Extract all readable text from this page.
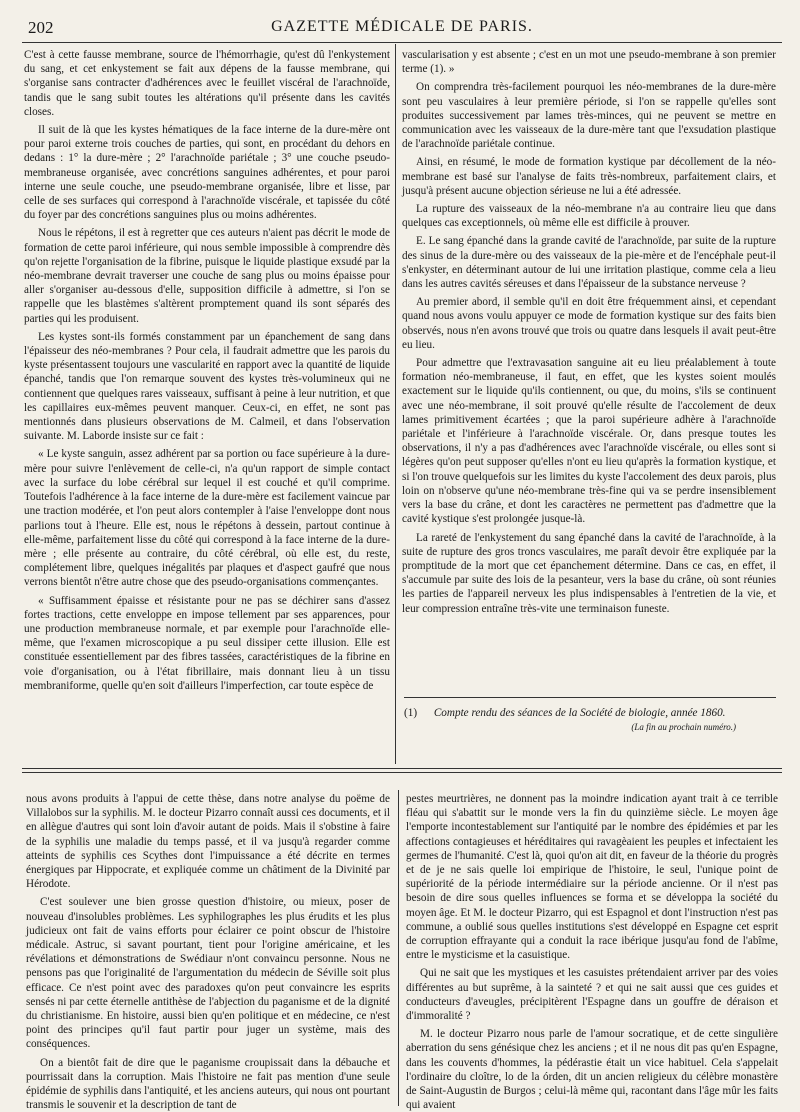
202	GAZETTE MÉDICALE DE PARIS.

C'est à cette fausse membrane, source de l'hémorrhagie, qu'est dû l'enkystement du sang, et cet enkystement se fait aux dépens de la fausse membrane, qui s'organise sans contracter d'adhérences avec le feuillet viscéral de l'arachnoïde, tandis que le sang subit toutes les altérations qu'il présente dans les cavités closes.

Il suit de là que les kystes hématiques de la face interne de la dure-mère ont pour paroi externe trois couches de parties, qui sont, en procédant du dehors en dedans : 1° la dure-mère ; 2° l'arachnoïde pariétale ; 3° une couche pseudo-membraneuse organisée, avec concrétions sanguines adhérentes, et pour paroi interne une seule couche, une pseudo-membrane organisée, libre et lisse, par celle de ses surfaces qui correspond à l'arachnoïde viscérale, et tapissée du côté du foyer par des concrétions sanguines plus ou moins adhérentes.

Nous le répétons, il est à regretter que ces auteurs n'aient pas décrit le mode de formation de cette paroi inférieure, qui nous semble impossible à comprendre dès qu'on rejette l'organisation de la fibrine, puisque le liquide plastique exsudé par la néo-membrane devrait traverser une couche de sang plus ou moins épaisse pour aller s'organiser au-dessous d'elle, supposition difficile à admettre, si l'on se rappelle que les blastèmes s'altèrent promptement quand ils sont séparés des parties qui les produisent.

Les kystes sont-ils formés constamment par un épanchement de sang dans l'épaisseur des néo-membranes ? Pour cela, il faudrait admettre que les parois du kyste présentassent toujours une vascularité en rapport avec la quantité de liquide épanché, tandis que l'on remarque souvent des kystes très-volumineux qui ne contiennent que quelques rares vaisseaux, suffisant à peine à leur nutrition, et que les capillaires eux-mêmes peuvent manquer. Ceux-ci, en effet, ne sont pas mentionnés dans plusieurs observations de M. Calmeil, et dans l'observation suivante. M. Laborde insiste sur ce fait :

« Le kyste sanguin, assez adhérent par sa portion ou face supérieure à la dure-mère pour suivre l'enlèvement de celle-ci, n'a qu'un rapport de simple contact avec la surface du lobe cérébral sur lequel il est couché et qu'il comprime. Toutefois l'adhérence à la face interne de la dure-mère est facilement vaincue par une traction modérée, et l'on peut alors contempler à l'aise l'enveloppe dont nous parlions tout à l'heure. Elle est, nous le répétons à dessein, partout continue à elle-même, parfaitement lisse du côté qui correspond à la face interne de la dure-mère ; elle présente au contraire, du côté cérébral, où elle est, du reste, complétement libre, quelques inégalités par plaques et d'aspect gaufré que nous verrons bientôt n'être autre chose que des pseudo-organisations commençantes.

« Suffisamment épaisse et résistante pour ne pas se déchirer sans d'assez fortes tractions, cette enveloppe en impose tellement par ses apparences, pour une production membraneuse normale, et par exemple pour l'arachnoïde elle-même, que l'examen microscopique a pu seul dissiper cette illusion. Elle est constituée essentiellement par des fibres tassées, caractéristiques de la fibrine en voie d'organisation, ou à l'état fibrillaire, mais donnant lieu à un tissu membraniforme, quelle qu'en soit d'ailleurs l'imperfection, car toute espèce de

vascularisation y est absente ; c'est en un mot une pseudo-membrane à son premier terme (1). »

On comprendra très-facilement pourquoi les néo-membranes de la dure-mère sont peu vasculaires à leur première période, si l'on se rappelle qu'elles sont produites successivement par lames très-minces, qui ne peuvent se mettre en communication avec les vaisseaux de la dure-mère tant que l'exsudation plastique de l'arachnoïde pariétale continue.

Ainsi, en résumé, le mode de formation kystique par décollement de la néo-membrane est basé sur l'analyse de faits très-nombreux, parfaitement clairs, et jusqu'à présent aucune objection sérieuse ne lui a été adressée.

La rupture des vaisseaux de la néo-membrane n'a au contraire lieu que dans quelques cas exceptionnels, où même elle est difficile à prouver.

E. Le sang épanché dans la grande cavité de l'arachnoïde, par suite de la rupture des sinus de la dure-mère ou des vaisseaux de la pie-mère et de l'encéphale peut-il s'enkyster, en déterminant autour de lui une irritation plastique, comme cela a lieu dans les autres cavités séreuses et dans l'épaisseur de la substance nerveuse ?

Au premier abord, il semble qu'il en doit être fréquemment ainsi, et cependant quand nous avons voulu appuyer ce mode de formation kystique sur des faits bien observés, nous n'en avons trouvé que trois ou quatre dans lesquels il avait peut-être eu lieu.

Pour admettre que l'extravasation sanguine ait eu lieu préalablement à toute formation néo-membraneuse, il faut, en effet, que les kystes soient moulés exactement sur le liquide qu'ils contiennent, ou que, du moins, s'ils se continuent avec une néo-membrane, il soit prouvé qu'elle résulte de l'accolement de deux lames primitivement écartées ; que la paroi supérieure adhère à l'arachnoïde pariétale et l'inférieure à l'arachnoïde viscérale. Or, dans presque toutes les observations, il n'y a pas d'adhérences avec l'arachnoïde viscérale, ou elles sont si légères qu'on peut supposer qu'elles n'ont eu lieu qu'après la formation kystique, et si l'on trouve quelquefois sur les limites du kyste l'accolement des deux parois, plus loin on n'observe qu'une néo-membrane très-fine qui va se perdre insensiblement vers la base du crâne, et dont les caractères ne permettent pas d'admettre que la cavité kystique s'est prolongée jusque-là.

La rareté de l'enkystement du sang épanché dans la cavité de l'arachnoïde, à la suite de rupture des gros troncs vasculaires, me paraît devoir être expliquée par la promptitude de la mort que cet épanchement détermine. Dans ce cas, en effet, il s'accumule par suite des lois de la pesanteur, vers la base du crâne, où sont réunies les parties de l'appareil nerveux les plus indispensables à l'entretien de la vie, et leur compression entraîne très-vite une terminaison funeste.

(1) Compte rendu des séances de la Société de biologie, année 1860.
(La fin au prochain numéro.)

nous avons produits à l'appui de cette thèse, dans notre analyse du poëme de Villalobos sur la syphilis. M. le docteur Pizarro connaît aussi ces documents, et il en allègue d'autres qui sont loin d'avoir autant de poids. Mais il s'obstine à faire de la syphilis une maladie du temps passé, et il va jusqu'à regarder comme atteints de syphilis ces Scythes dont l'impuissance a été décrite en termes énergiques par Hippocrate, et expliquée comme un châtiment de la Divinité par Hérodote.

C'est soulever une bien grosse question d'histoire, ou mieux, poser de nouveau d'insolubles problèmes. Les syphilographes les plus érudits et les plus judicieux ont fait de vains efforts pour éclairer ce point obscur de l'histoire médicale. Astruc, si savant pourtant, tient pour l'origine américaine, et les révélations et démonstrations de Swédiaur n'ont convaincu personne. Nous ne pensons pas que l'originalité de l'argumentation du médecin de Séville soit plus efficace. Ce n'est point avec des paradoxes qu'on peut convaincre les esprits sensés ni par cette éternelle antithèse de l'abjection du paganisme et de la dignité du christianisme. En histoire, aussi bien qu'en politique et en médecine, ce n'est point des principes qu'il faut partir pour juger un système, mais des conséquences.

On a bientôt fait de dire que le paganisme croupissait dans la débauche et pourrissait dans la corruption. Mais l'histoire ne fait pas mention d'une seule épidémie de syphilis dans l'antiquité, et les anciens auteurs, qui nous ont pourtant transmis le souvenir et la description de tant de

pestes meurtrières, ne donnent pas la moindre indication ayant trait à ce terrible fléau qui s'abattit sur le monde vers la fin du quinzième siècle. Le moyen âge l'emporte incontestablement sur l'antiquité par le nombre des épidémies et par les affections contagieuses et héréditaires qui ravagèaient les peuples et infectaient les germes de l'humanité. C'est là, quoi qu'on ait dit, en faveur de la théorie du progrès et de je ne sais quelle loi empirique de l'histoire, le seul, l'unique point de supériorité de la période intermédiaire sur la période ancienne. Or il n'est pas besoin de dire sous quelles influences se forma et se développa la société du moyen âge. Et M. le docteur Pizarro, qui est Espagnol et dont l'instruction n'est pas commune, a oublié sous quelles institutions s'est développé en Espagne cet esprit de corruption effrayante qui a conduit la race ibérique jusqu'au fond de l'abîme, entre le mysticisme et la casuistique.

Qui ne sait que les mystiques et les casuistes prétendaient arriver par des voies différentes au but suprême, à la sainteté ? et qui ne sait aussi que ces guides et conducteurs d'aveugles, précipitèrent l'Espagne dans un gouffre de déraison et d'immoralité ?

M. le docteur Pizarro nous parle de l'amour socratique, et de cette singulière aberration du sens génésique chez les anciens ; et il ne nous dit pas qu'en Espagne, dans les couvents d'hommes, la pédérastie était un vice habituel. Cela s'appelait l'ordinaire du cloître, lo de la órden, dit un ancien religieux du célèbre monastère de Saint-Augustin de Burgos ; celui-là même qui, racontant dans l'âge mûr les faits qui avaient
